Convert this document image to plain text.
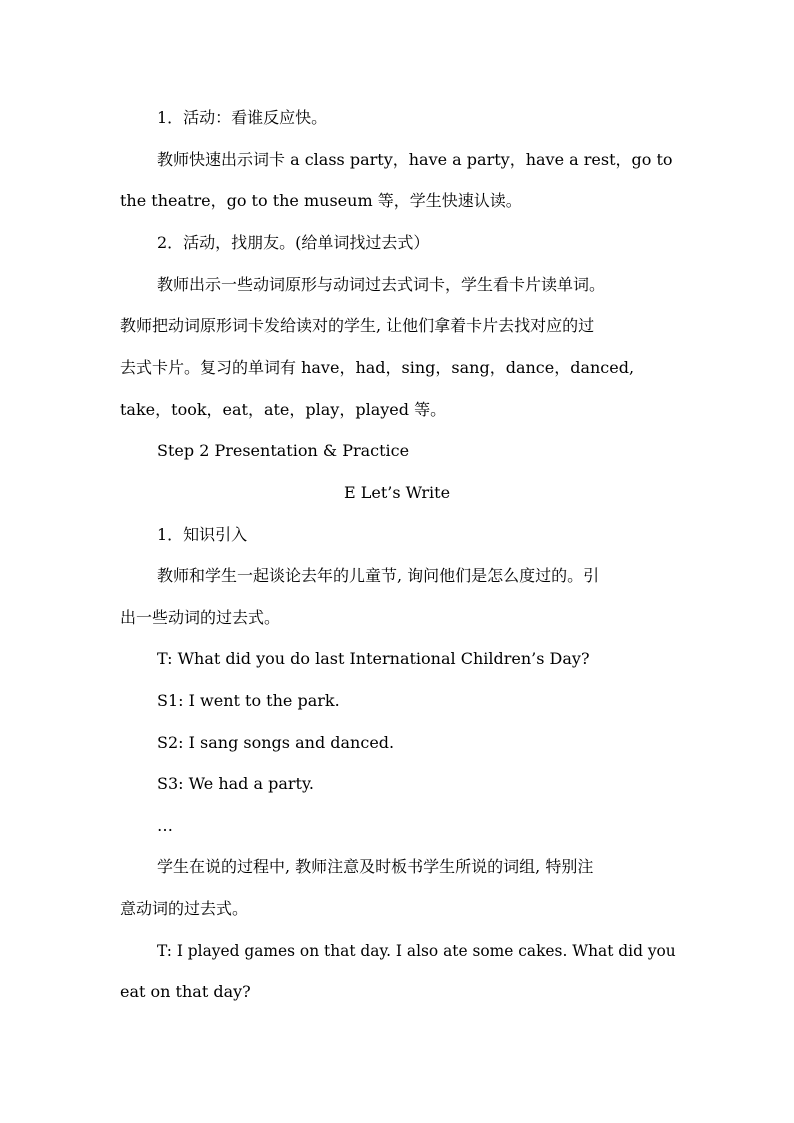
1．活动：看谁反应快。
教师快速出示词卡 a class party，have a party，have a rest，go to
the theatre，go to the museum 等，学生快速认读。
2．活动，找朋友。(给单词找过去式）
教师出示一些动词原形与动词过去式词卡，学生看卡片读单词。
教师把动词原形词卡发给读对的学生, 让他们拿着卡片去找对应的过
去式卡片。复习的单词有 have，had，sing，sang，dance，danced,
take，took，eat，ate，play，played 等。
Step 2 Presentation & Practice
E Let’s Write
1．知识引入
教师和学生一起谈论去年的儿童节, 询问他们是怎么度过的。引
出一些动词的过去式。
T: What did you do last International Children’s Day?
S1: I went to the park.
S2: I sang songs and danced.
S3: We had a party.
…
学生在说的过程中, 教师注意及时板书学生所说的词组, 特别注
意动词的过去式。
T: I played games on that day. I also ate some cakes. What did you
eat on that day?
